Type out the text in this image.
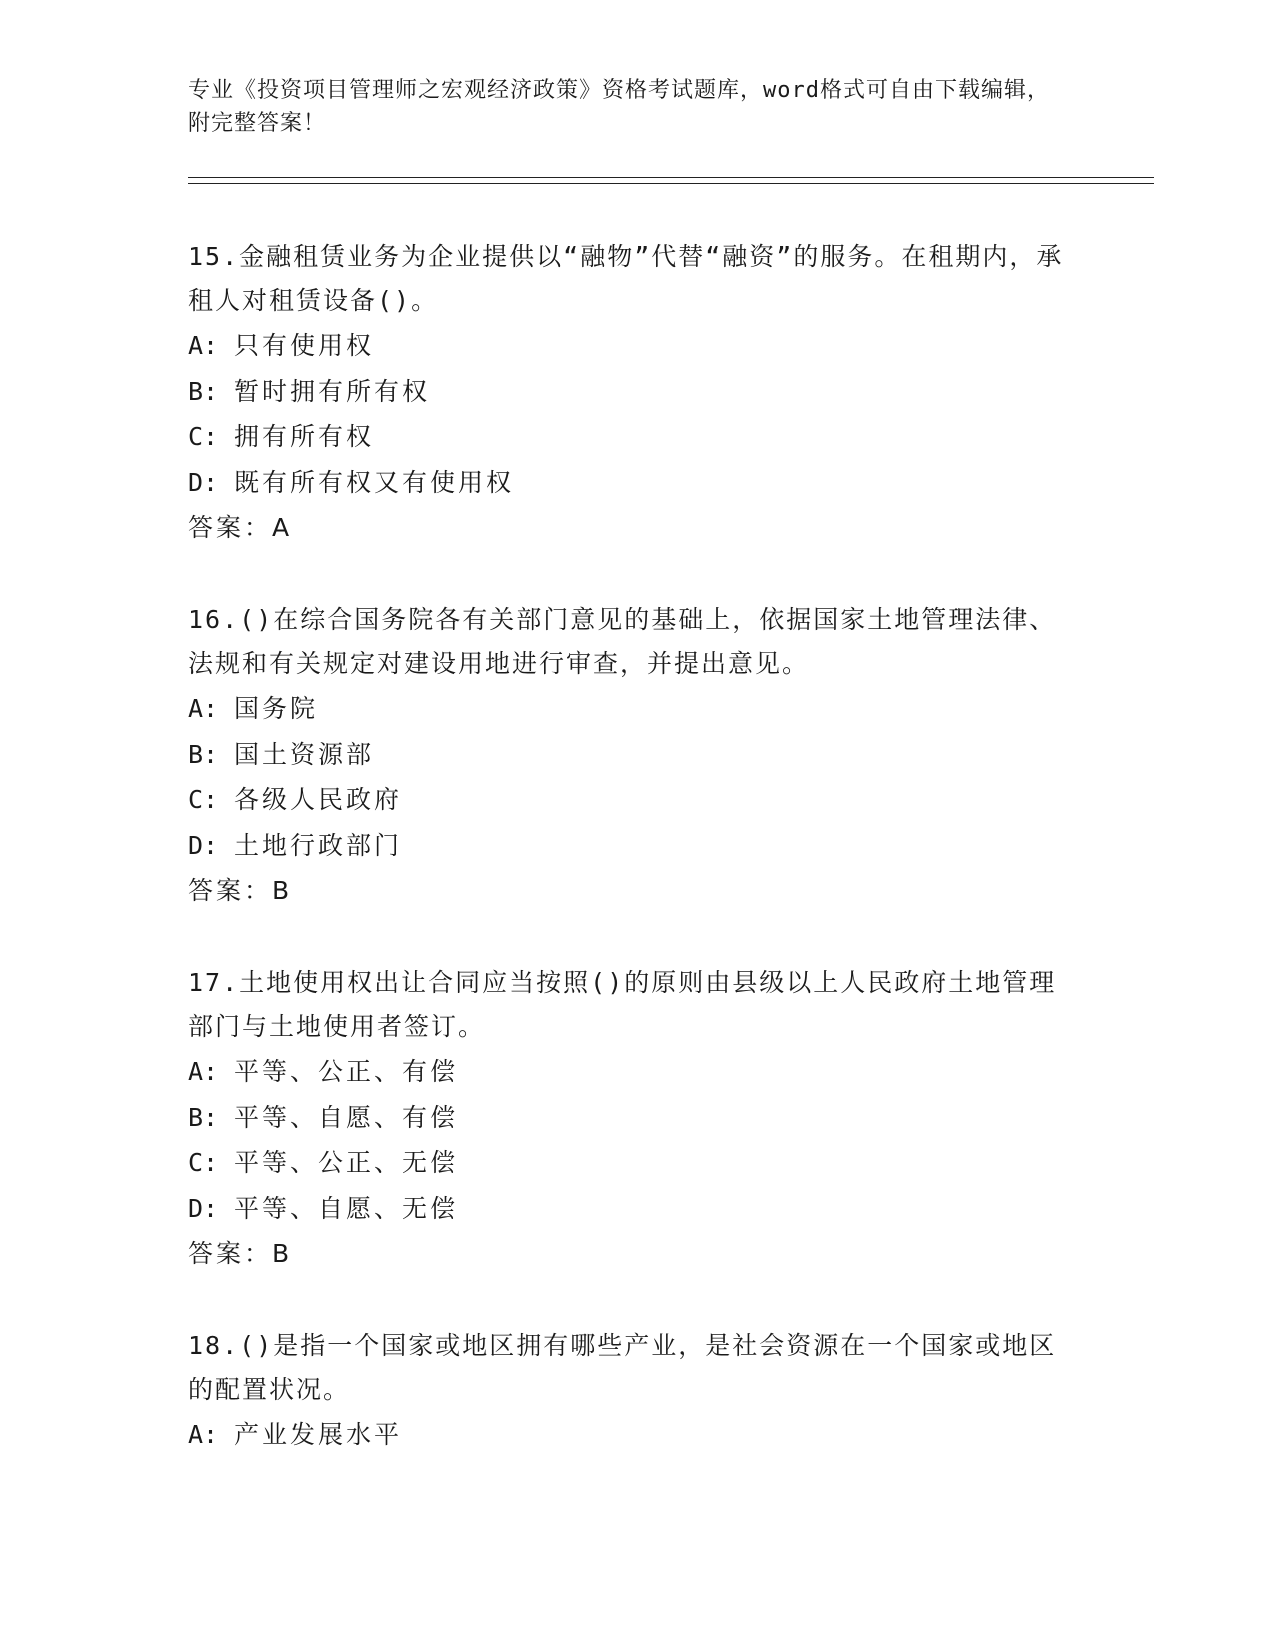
专业《投资项目管理师之宏观经济政策》资格考试题库，word格式可自由下载编辑，附完整答案！

15.金融租赁业务为企业提供以“融物”代替“融资”的服务。在租期内，承租人对租赁设备()。

A: 只有使用权

B: 暂时拥有所有权

C: 拥有所有权

D: 既有所有权又有使用权

答案：A

16.()在综合国务院各有关部门意见的基础上，依据国家土地管理法律、法规和有关规定对建设用地进行审查，并提出意见。

A: 国务院

B: 国土资源部

C: 各级人民政府

D: 土地行政部门

答案：B

17.土地使用权出让合同应当按照()的原则由县级以上人民政府土地管理部门与土地使用者签订。

A: 平等、公正、有偿

B: 平等、自愿、有偿

C: 平等、公正、无偿

D: 平等、自愿、无偿

答案：B

18.()是指一个国家或地区拥有哪些产业，是社会资源在一个国家或地区的配置状况。

A: 产业发展水平
